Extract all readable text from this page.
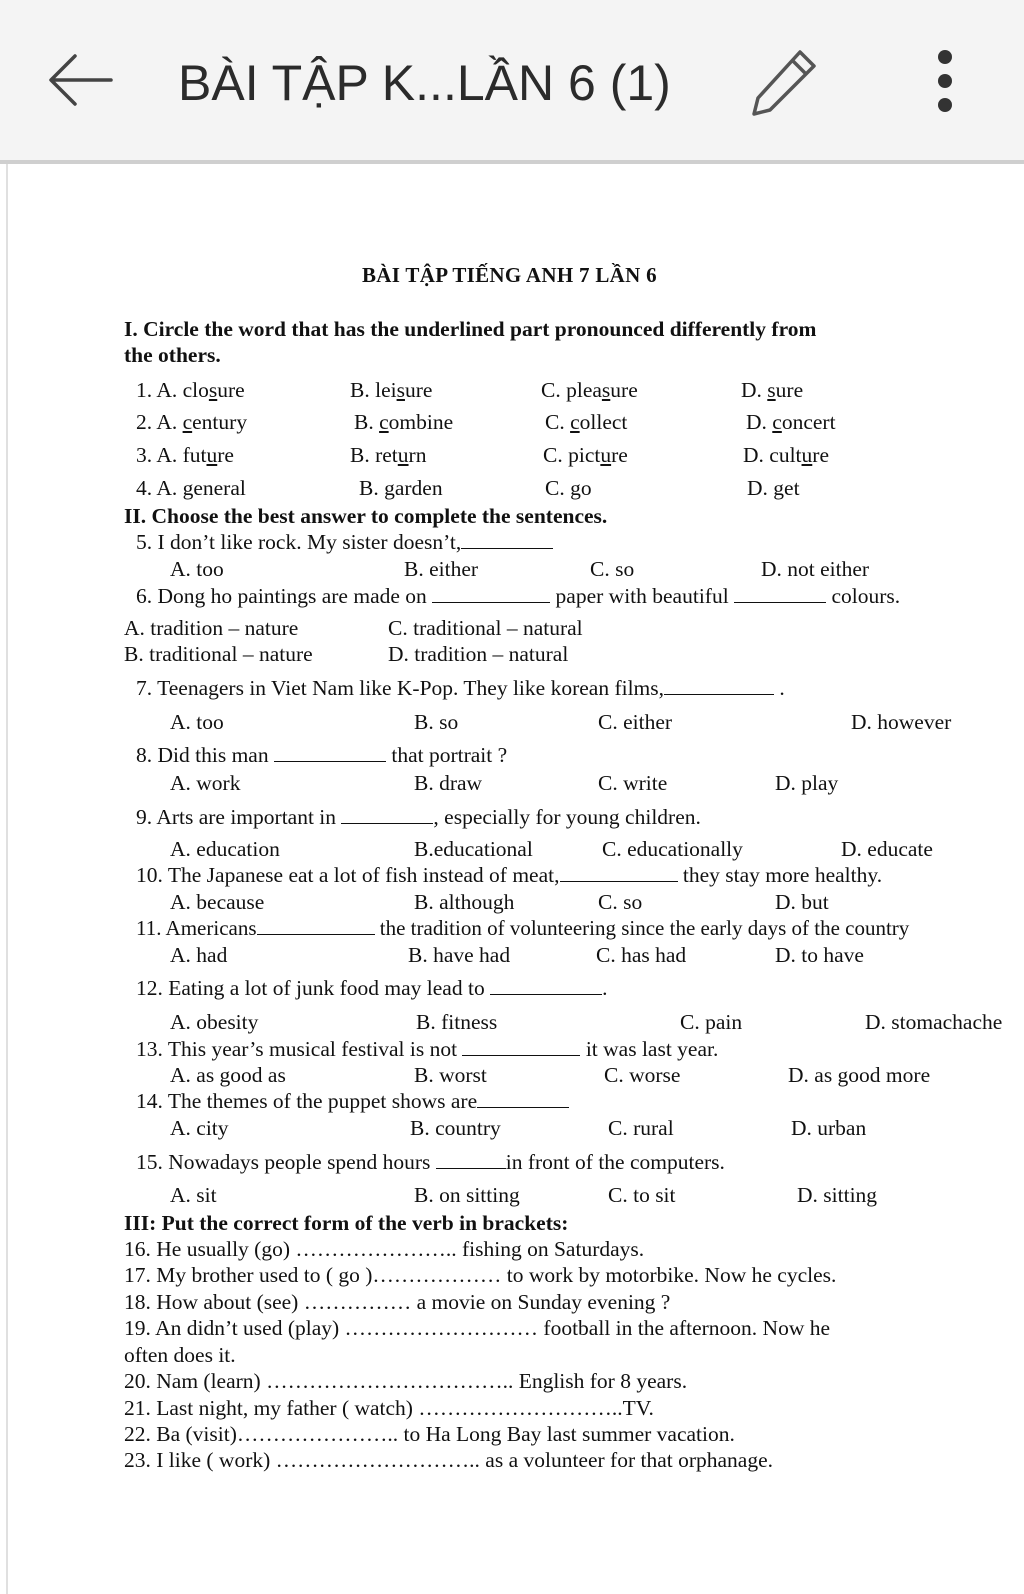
BÀI TẬP K...LẦN 6 (1)
BÀI TẬP TIẾNG ANH 7 LẦN 6
I. Circle the word that has the underlined part pronounced differently from
the others.
1. A. closure	B. leisure	C. pleasure	D. sure
2. A. century	B. combine	C. collect	D. concert
3. A. future	B. return	C. picture	D. culture
4. A. general	B. garden	C. go	D. get
II. Choose the best answer to complete the sentences.
5. I don’t like rock. My sister doesn’t,
A. too	B. either	C. so	D. not either
6. Dong ho paintings are made on	paper with beautiful	colours.
A. tradition – nature	C. traditional – natural
B. traditional – nature	D. tradition – natural
7. Teenagers in Viet Nam like K-Pop. They like korean films,	.
A. too	B. so	C. either	D. however
8. Did this man	that portrait ?
A. work	B. draw	C. write	D. play
9. Arts are important in	, especially for young children.
A. education	B.educational	C. educationally	D. educate
10. The Japanese eat a lot of fish instead of meat,	they stay more healthy.
A. because	B. although	C. so	D. but
11. Americans	the tradition of volunteering since the early days of the country
A. had	B. have had	C. has had	D. to have
12. Eating a lot of junk food may lead to	.
A. obesity	B. fitness	C. pain	D. stomachache
13. This year’s musical festival is not	it was last year.
A. as good as	B. worst	C. worse	D. as good more
14. The themes of the puppet shows are
A. city	B. country	C. rural	D. urban
15. Nowadays people spend hours	in front of the computers.
A. sit	B. on sitting	C. to sit	D. sitting
III: Put the correct form of the verb in brackets:
16. He usually (go) ………………….. fishing on Saturdays.
17. My brother used to ( go )……………… to work by motorbike. Now he cycles.
18. How about (see) …………… a movie on Sunday evening ?
19. An didn’t used (play) ……………………… football in the afternoon. Now he
often does it.
20. Nam (learn) …………………………….. English for 8 years.
21. Last night, my father ( watch) ………………………..TV.
22. Ba (visit)………………….. to Ha Long Bay last summer vacation.
23. I like ( work) ……………………….. as a volunteer for that orphanage.
